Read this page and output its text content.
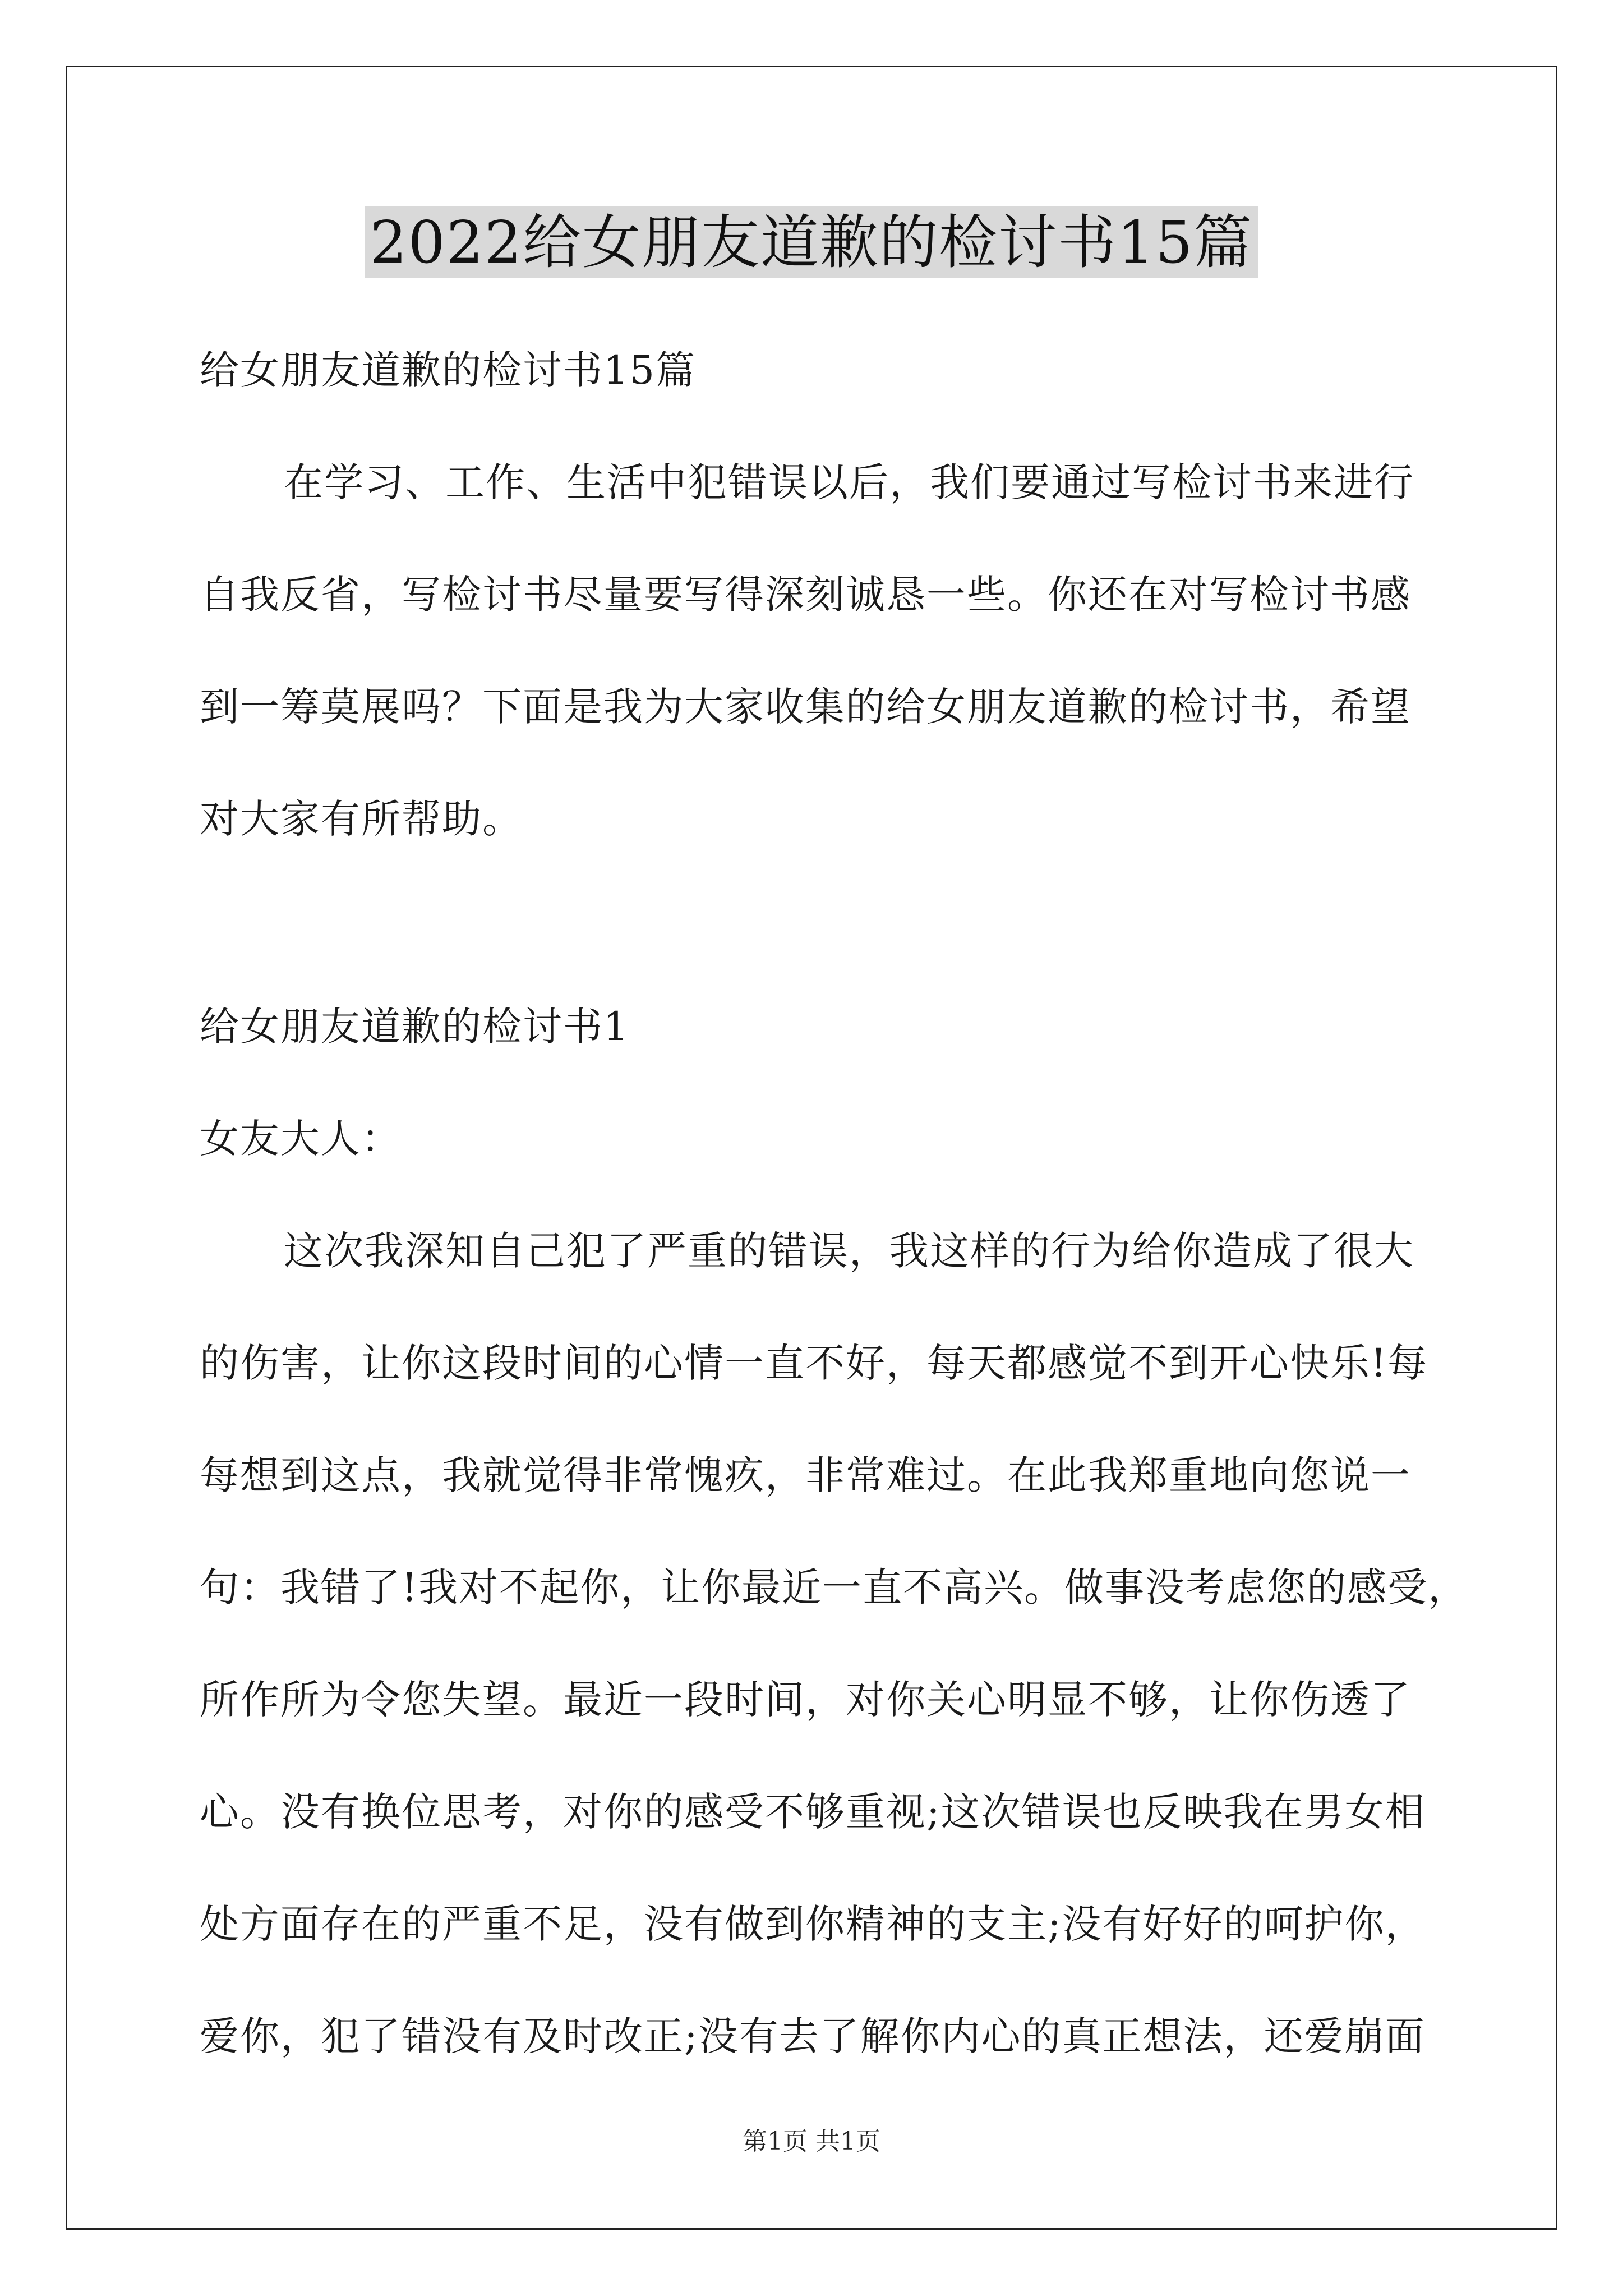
2022给女朋友道歉的检讨书15篇
给女朋友道歉的检讨书15篇
在学习、工作、生活中犯错误以后，我们要通过写检讨书来进行
自我反省，写检讨书尽量要写得深刻诚恳一些。你还在对写检讨书感
到一筹莫展吗？下面是我为大家收集的给女朋友道歉的检讨书，希望
对大家有所帮助。
给女朋友道歉的检讨书1
女友大人：
这次我深知自己犯了严重的错误，我这样的行为给你造成了很大
的伤害，让你这段时间的心情一直不好，每天都感觉不到开心快乐!每
每想到这点，我就觉得非常愧疚，非常难过。在此我郑重地向您说一
句：我错了!我对不起你，让你最近一直不高兴。做事没考虑您的感受，
所作所为令您失望。最近一段时间，对你关心明显不够，让你伤透了
心。没有换位思考，对你的感受不够重视;这次错误也反映我在男女相
处方面存在的严重不足，没有做到你精神的支主;没有好好的呵护你，
爱你，犯了错没有及时改正;没有去了解你内心的真正想法，还爱崩面
第1页 共1页
